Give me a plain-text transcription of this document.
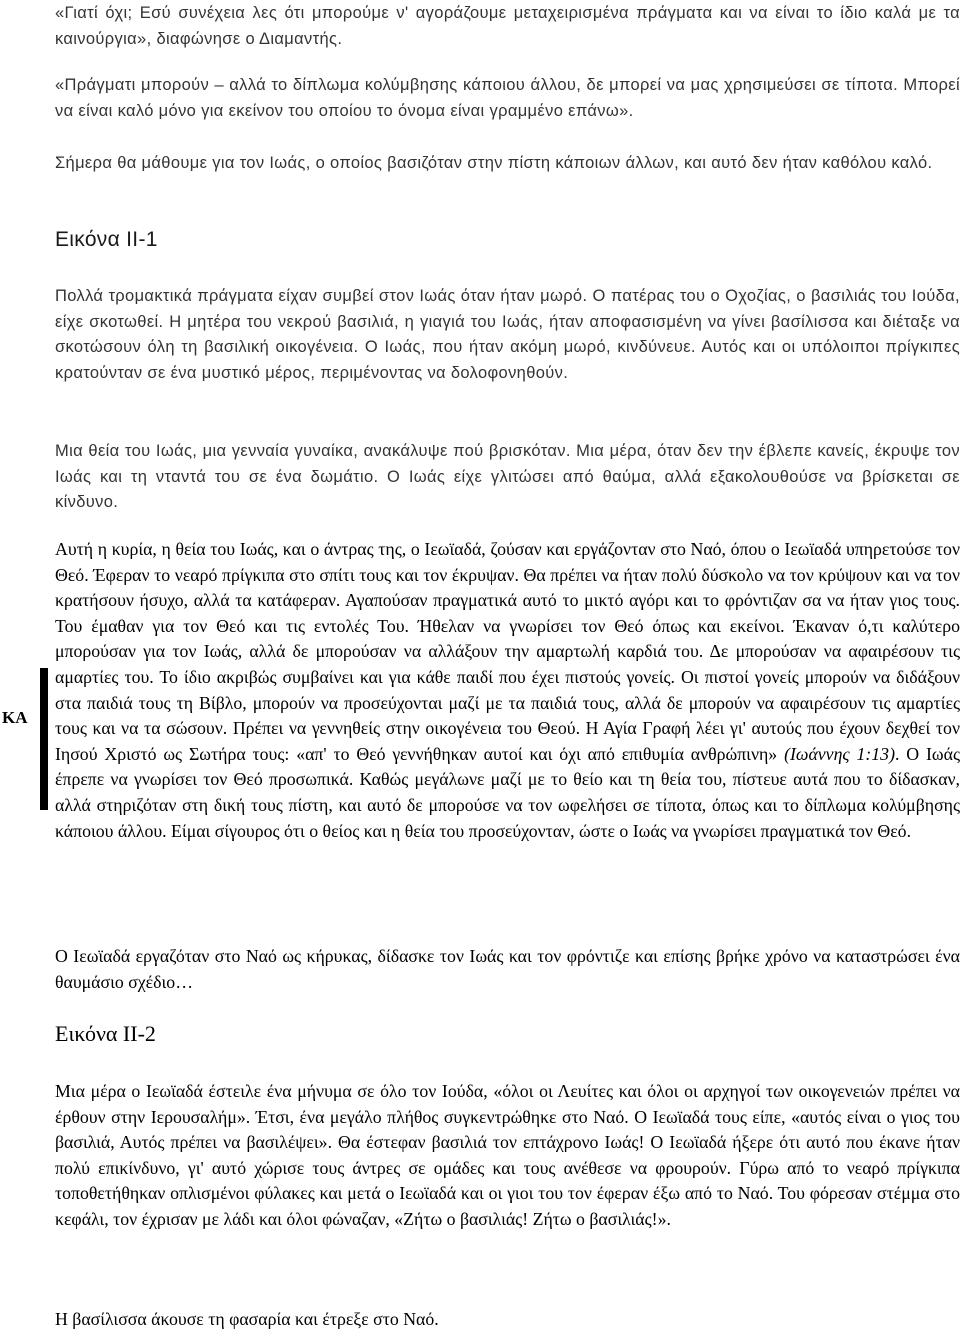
«Γιατί όχι; Εσύ συνέχεια λες ότι μπορούμε ν' αγοράζουμε μεταχειρισμένα πράγματα και να είναι το ίδιο καλά με τα καινούργια», διαφώνησε ο Διαμαντής.

«Πράγματι μπορούν – αλλά το δίπλωμα κολύμβησης κάποιου άλλου, δε μπορεί να μας χρησιμεύσει σε τίποτα. Μπορεί να είναι καλό μόνο για εκείνον του οποίου το όνομα είναι γραμμένο επάνω».

Σήμερα θα μάθουμε για τον Ιωάς, ο οποίος βασιζόταν στην πίστη κάποιων άλλων, και αυτό δεν ήταν καθόλου καλό.

Εικόνα ΙΙ-1

Πολλά τρομακτικά πράγματα είχαν συμβεί στον Ιωάς όταν ήταν μωρό. Ο πατέρας του ο Οχοζίας, ο βασιλιάς του Ιούδα, είχε σκοτωθεί. Η μητέρα του νεκρού βασιλιά, η γιαγιά του Ιωάς, ήταν αποφασισμένη να γίνει βασίλισσα και διέταξε να σκοτώσουν όλη τη βασιλική οικογένεια. Ο Ιωάς, που ήταν ακόμη μωρό, κινδύνευε. Αυτός και οι υπόλοιποι πρίγκιπες κρατούνταν σε ένα μυστικό μέρος, περιμένοντας να δολοφονηθούν.

Μια θεία του Ιωάς, μια γενναία γυναίκα, ανακάλυψε πού βρισκόταν. Μια μέρα, όταν δεν την έβλεπε κανείς, έκρυψε τον Ιωάς και τη νταντά του σε ένα δωμάτιο. Ο Ιωάς είχε γλιτώσει από θαύμα, αλλά εξακολουθούσε να βρίσκεται σε κίνδυνο.

Αυτή η κυρία, η θεία του Ιωάς, και ο άντρας της, ο Ιεωϊαδά, ζούσαν και εργάζονταν στο Ναό, όπου ο Ιεωϊαδά υπηρετούσε τον Θεό. Έφεραν το νεαρό πρίγκιπα στο σπίτι τους και τον έκρυψαν. Θα πρέπει να ήταν πολύ δύσκολο να τον κρύψουν και να τον κρατήσουν ήσυχο, αλλά τα κατάφεραν. Αγαπούσαν πραγματικά αυτό το μικτό αγόρι και το φρόντιζαν σα να ήταν γιος τους. Του έμαθαν για τον Θεό και τις εντολές Του. Ήθελαν να γνωρίσει τον Θεό όπως και εκείνοι. Έκαναν ό,τι καλύτερο μπορούσαν για τον Ιωάς, αλλά δε μπορούσαν να αλλάξουν την αμαρτωλή καρδιά του. Δε μπορούσαν να αφαιρέσουν τις αμαρτίες του. Το ίδιο ακριβώς συμβαίνει και για κάθε παιδί που έχει πιστούς γονείς. Οι πιστοί γονείς μπορούν να διδάξουν στα παιδιά τους τη Βίβλο, μπορούν να προσεύχονται μαζί με τα παιδιά τους, αλλά δε μπορούν να αφαιρέσουν τις αμαρτίες τους και να τα σώσουν. Πρέπει να γεννηθείς στην οικογένεια του Θεού. Η Αγία Γραφή λέει γι' αυτούς που έχουν δεχθεί τον Ιησού Χριστό ως Σωτήρα τους: «απ' το Θεό γεννήθηκαν αυτοί και όχι από επιθυμία ανθρώπινη» (Ιωάννης 1:13). Ο Ιωάς έπρεπε να γνωρίσει τον Θεό προσωπικά. Καθώς μεγάλωνε μαζί με το θείο και τη θεία του, πίστευε αυτά που το δίδασκαν, αλλά στηριζόταν στη δική τους πίστη, και αυτό δε μπορούσε να τον ωφελήσει σε τίποτα, όπως και το δίπλωμα κολύμβησης κάποιου άλλου. Είμαι σίγουρος ότι ο θείος και η θεία του προσεύχονταν, ώστε ο Ιωάς να γνωρίσει πραγματικά τον Θεό.

Ο Ιεωϊαδά εργαζόταν στο Ναό ως κήρυκας, δίδασκε τον Ιωάς και τον φρόντιζε και επίσης βρήκε χρόνο να καταστρώσει ένα θαυμάσιο σχέδιο…

Εικόνα ΙΙ-2

Μια μέρα ο Ιεωϊαδά έστειλε ένα μήνυμα σε όλο τον Ιούδα, «όλοι οι Λευίτες και όλοι οι αρχηγοί των οικογενειών πρέπει να έρθουν στην Ιερουσαλήμ». Έτσι, ένα μεγάλο πλήθος συγκεντρώθηκε στο Ναό. Ο Ιεωϊαδά τους είπε, «αυτός είναι ο γιος του βασιλιά, Αυτός πρέπει να βασιλέψει». Θα έστεφαν βασιλιά τον επτάχρονο Ιωάς! Ο Ιεωϊαδά ήξερε ότι αυτό που έκανε ήταν πολύ επικίνδυνο, γι' αυτό χώρισε τους άντρες σε ομάδες και τους ανέθεσε να φρουρούν. Γύρω από το νεαρό πρίγκιπα τοποθετήθηκαν οπλισμένοι φύλακες και μετά ο Ιεωϊαδά και οι γιοι του τον έφεραν έξω από το Ναό. Του φόρεσαν στέμμα στο κεφάλι, τον έχρισαν με λάδι και όλοι φώναζαν, «Ζήτω ο βασιλιάς! Ζήτω ο βασιλιάς!».

Η βασίλισσα άκουσε τη φασαρία και έτρεξε στο Ναό.

ΚΑ
